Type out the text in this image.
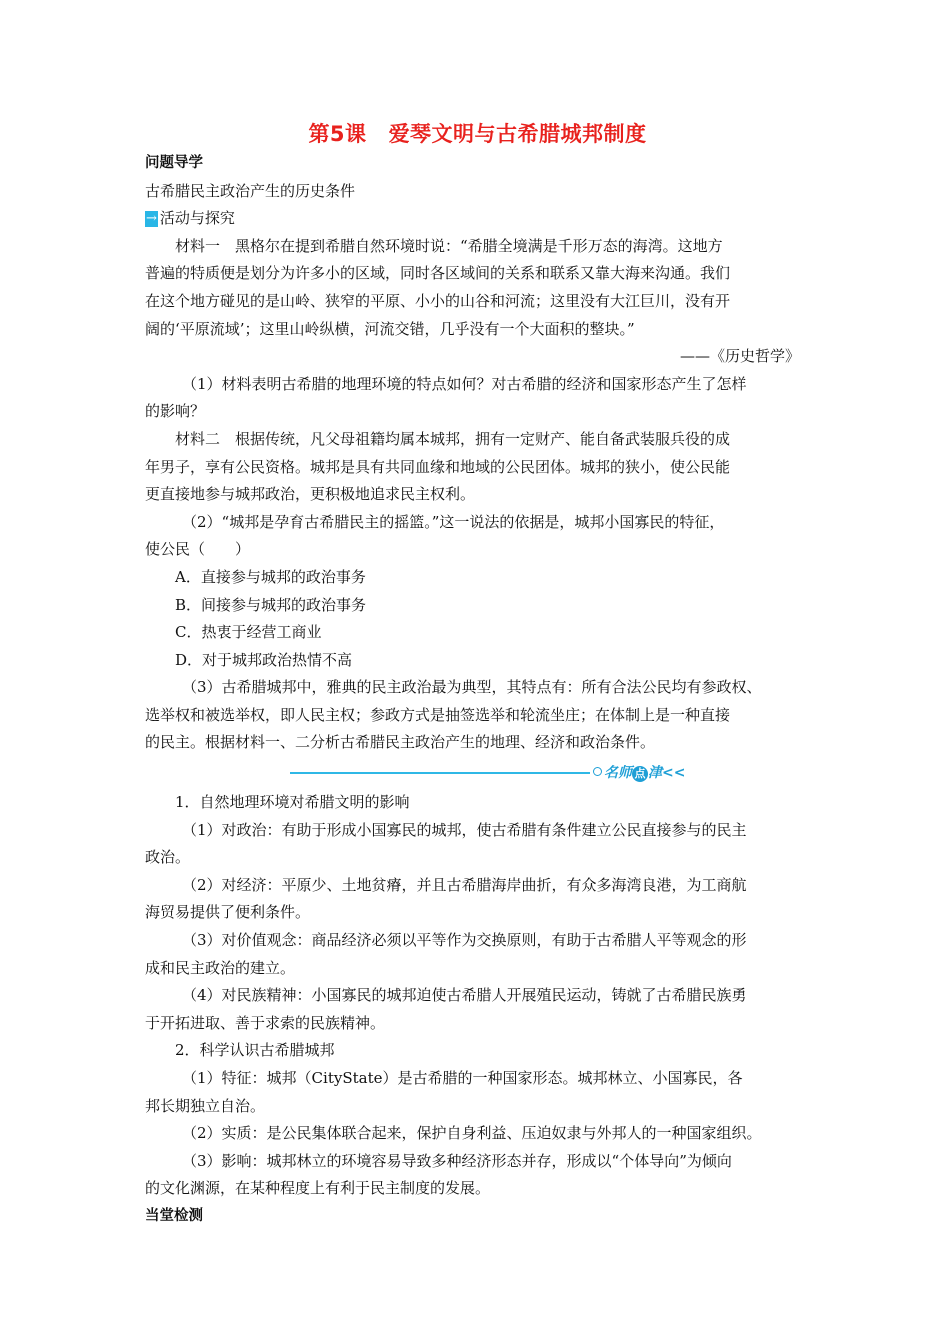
第5课 爱琴文明与古希腊城邦制度
问题导学
古希腊民主政治产生的历史条件
→ 活动与探究
材料一　黑格尔在提到希腊自然环境时说：“希腊全境满是千形万态的海湾。这地方
普遍的特质便是划分为许多小的区域，同时各区域间的关系和联系又靠大海来沟通。我们
在这个地方碰见的是山岭、狭窄的平原、小小的山谷和河流；这里没有大江巨川，没有开
阔的‘平原流域’；这里山岭纵横，河流交错，几乎没有一个大面积的整块。”
——《历史哲学》
（1）材料表明古希腊的地理环境的特点如何？对古希腊的经济和国家形态产生了怎样
的影响？
材料二　根据传统，凡父母祖籍均属本城邦，拥有一定财产、能自备武装服兵役的成
年男子，享有公民资格。城邦是具有共同血缘和地域的公民团体。城邦的狭小，使公民能
更直接地参与城邦政治，更积极地追求民主权利。
（2）“城邦是孕育古希腊民主的摇篮。”这一说法的依据是，城邦小国寡民的特征，
使公民（　　）
A．直接参与城邦的政治事务
B．间接参与城邦的政治事务
C．热衷于经营工商业
D．对于城邦政治热情不高
（3）古希腊城邦中，雅典的民主政治最为典型，其特点有：所有合法公民均有参政权、
选举权和被选举权，即人民主权；参政方式是抽签选举和轮流坐庄；在体制上是一种直接
的民主。根据材料一、二分析古希腊民主政治产生的地理、经济和政治条件。
名师 点 津<<
1．自然地理环境对希腊文明的影响
（1）对政治：有助于形成小国寡民的城邦，使古希腊有条件建立公民直接参与的民主
政治。
（2）对经济：平原少、土地贫瘠，并且古希腊海岸曲折，有众多海湾良港，为工商航
海贸易提供了便利条件。
（3）对价值观念：商品经济必须以平等作为交换原则，有助于古希腊人平等观念的形
成和民主政治的建立。
（4）对民族精神：小国寡民的城邦迫使古希腊人开展殖民运动，铸就了古希腊民族勇
于开拓进取、善于求索的民族精神。
2．科学认识古希腊城邦
（1）特征：城邦（CityState）是古希腊的一种国家形态。城邦林立、小国寡民，各
邦长期独立自治。
（2）实质：是公民集体联合起来，保护自身利益、压迫奴隶与外邦人的一种国家组织。
（3）影响：城邦林立的环境容易导致多种经济形态并存，形成以“个体导向”为倾向
的文化渊源，在某种程度上有利于民主制度的发展。
当堂检测
